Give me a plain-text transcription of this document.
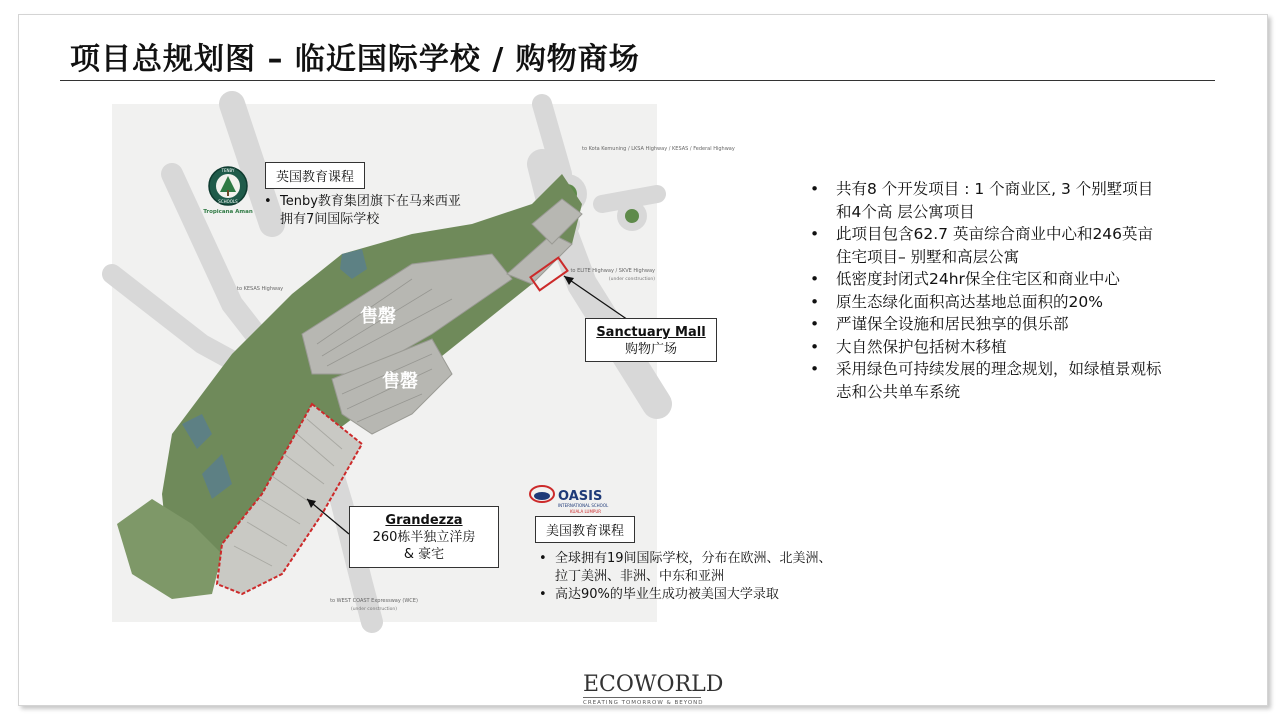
项目总规划图 – 临近国际学校 / 购物商场
售罄
售罄
to Kota Kemuning / LKSA Highway / KESAS / Federal Highway
to KESAS Highway
to ELITE Highway / SKVE Highway
(under construction)
to WEST COAST Expressway (WCE)
(under construction)
TENBY
SCHOOLS
Tropicana Aman
OASIS
INTERNATIONAL SCHOOL
KUALA LUMPUR
英国教育课程
• Tenby教育集团旗下在马来西亚拥有7间国际学校
Sanctuary Mall
购物广场
Grandezza
260栋半独立洋房
& 豪宅
美国教育课程
• 全球拥有19间国际学校，分布在欧洲、北美洲、拉丁美洲、非洲、中东和亚洲
• 高达90%的毕业生成功被美国大学录取
• 共有8 个开发项目 : 1 个商业区, 3 个别墅项目和4个高 层公寓项目
• 此项目包含62.7 英亩综合商业中心和246英亩住宅项目– 别墅和高层公寓
• 低密度封闭式24hr保全住宅区和商业中心
• 原生态绿化面积高达基地总面积的20%
• 严谨保全设施和居民独享的俱乐部
• 大自然保护包括树木移植
• 采用绿色可持续发展的理念规划，如绿植景观标志和公共单车系统
ECOWORLD
CREATING TOMORROW & BEYOND
